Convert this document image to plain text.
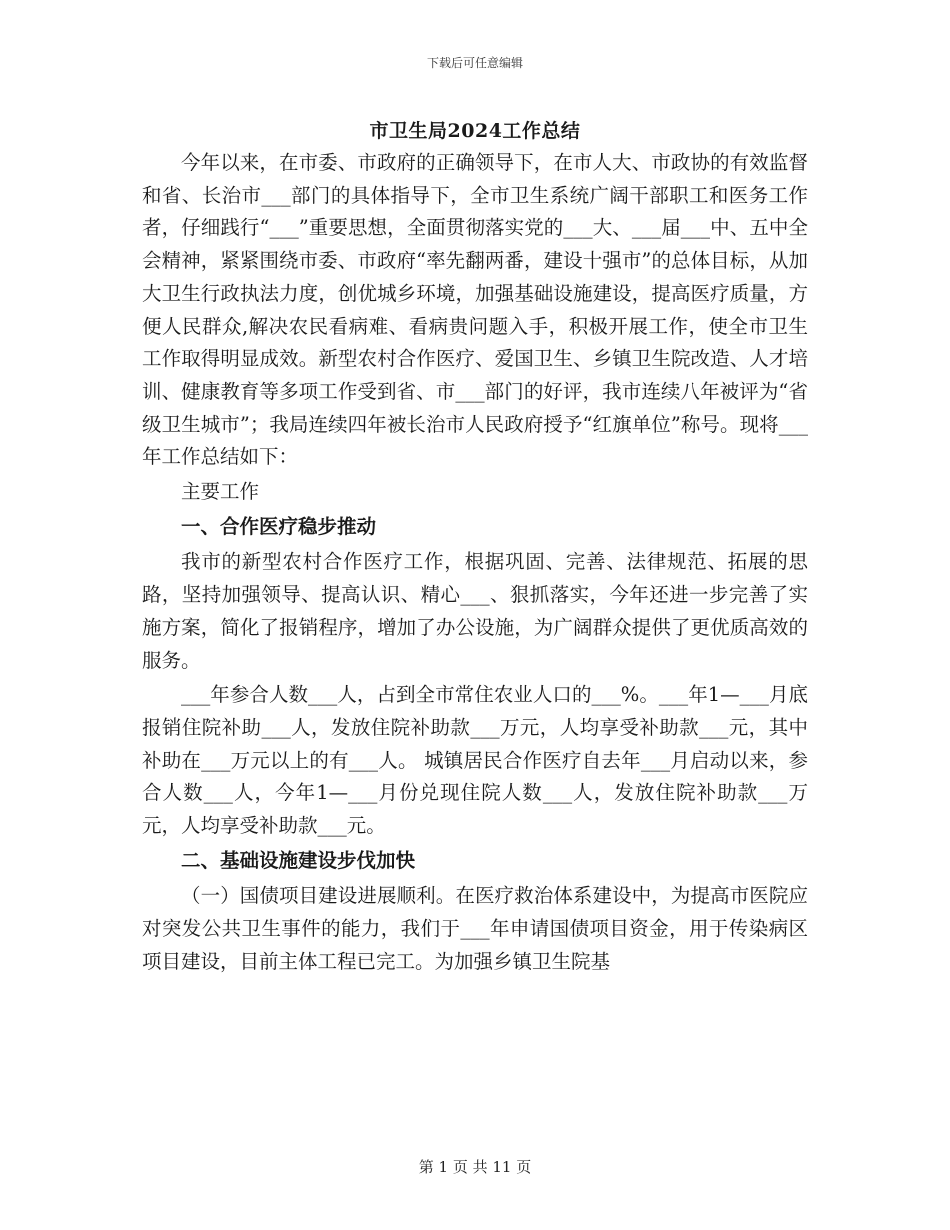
下载后可任意编辑
市卫生局2024工作总结

今年以来，在市委、市政府的正确领导下，在市人大、市政协的有效监督和省、长治市___部门的具体指导下，全市卫生系统广阔干部职工和医务工作者，仔细践行“___”重要思想，全面贯彻落实党的___大、___届___中、五中全会精神，紧紧围绕市委、市政府“率先翻两番，建设十强市”的总体目标，从加大卫生行政执法力度，创优城乡环境，加强基础设施建设，提高医疗质量，方便人民群众,解决农民看病难、看病贵问题入手，积极开展工作，使全市卫生工作取得明显成效。新型农村合作医疗、爱国卫生、乡镇卫生院改造、人才培训、健康教育等多项工作受到省、市___部门的好评，我市连续八年被评为“省级卫生城市”；我局连续四年被长治市人民政府授予“红旗单位”称号。现将___年工作总结如下：

主要工作

一、合作医疗稳步推动

我市的新型农村合作医疗工作，根据巩固、完善、法律规范、拓展的思路，坚持加强领导、提高认识、精心___、狠抓落实，今年还进一步完善了实施方案，简化了报销程序，增加了办公设施，为广阔群众提供了更优质高效的服务。

___年参合人数___人，占到全市常住农业人口的___%。___年1—___月底报销住院补助___人，发放住院补助款___万元，人均享受补助款___元，其中补助在___万元以上的有___人。 城镇居民合作医疗自去年___月启动以来，参合人数___人，今年1—___月份兑现住院人数___人，发放住院补助款___万元，人均享受补助款___元。

二、基础设施建设步伐加快

（一）国债项目建设进展顺利。在医疗救治体系建设中，为提高市医院应对突发公共卫生事件的能力，我们于___年申请国债项目资金，用于传染病区项目建设，目前主体工程已完工。为加强乡镇卫生院基

第 1 页 共 11 页
